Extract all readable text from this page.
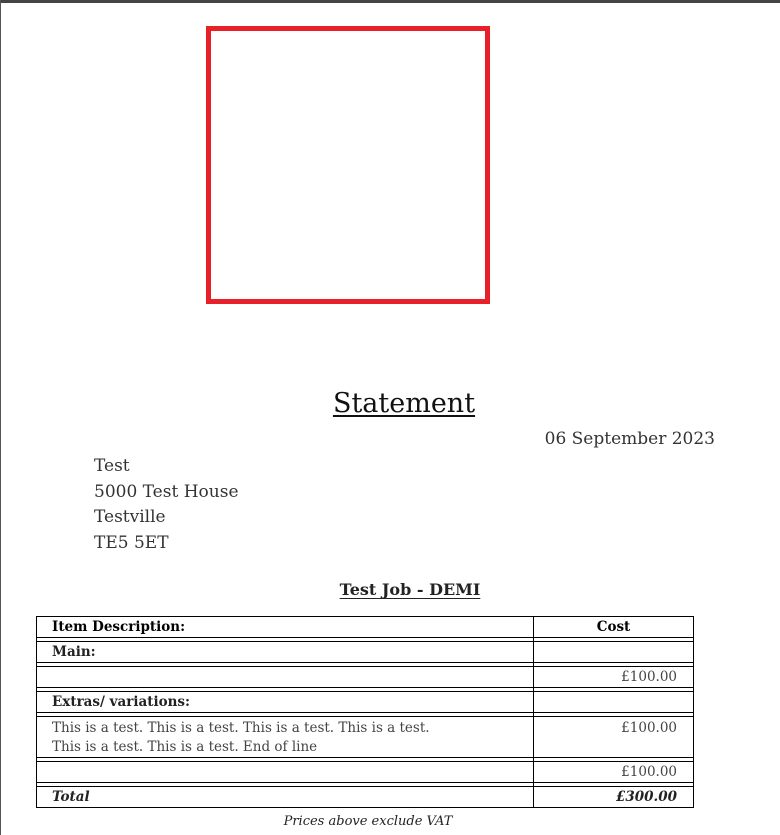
Statement
06 September 2023
Test
5000 Test House
Testville
TE5 5ET
Test Job - DEMI
Item Description:	Cost

Main:	

	£100.00

Extras/ variations:	

This is a test. This is a test. This is a test. This is a test.
This is a test. This is a test. End of line	£100.00

	£100.00

Total	£300.00
Prices above exclude VAT
